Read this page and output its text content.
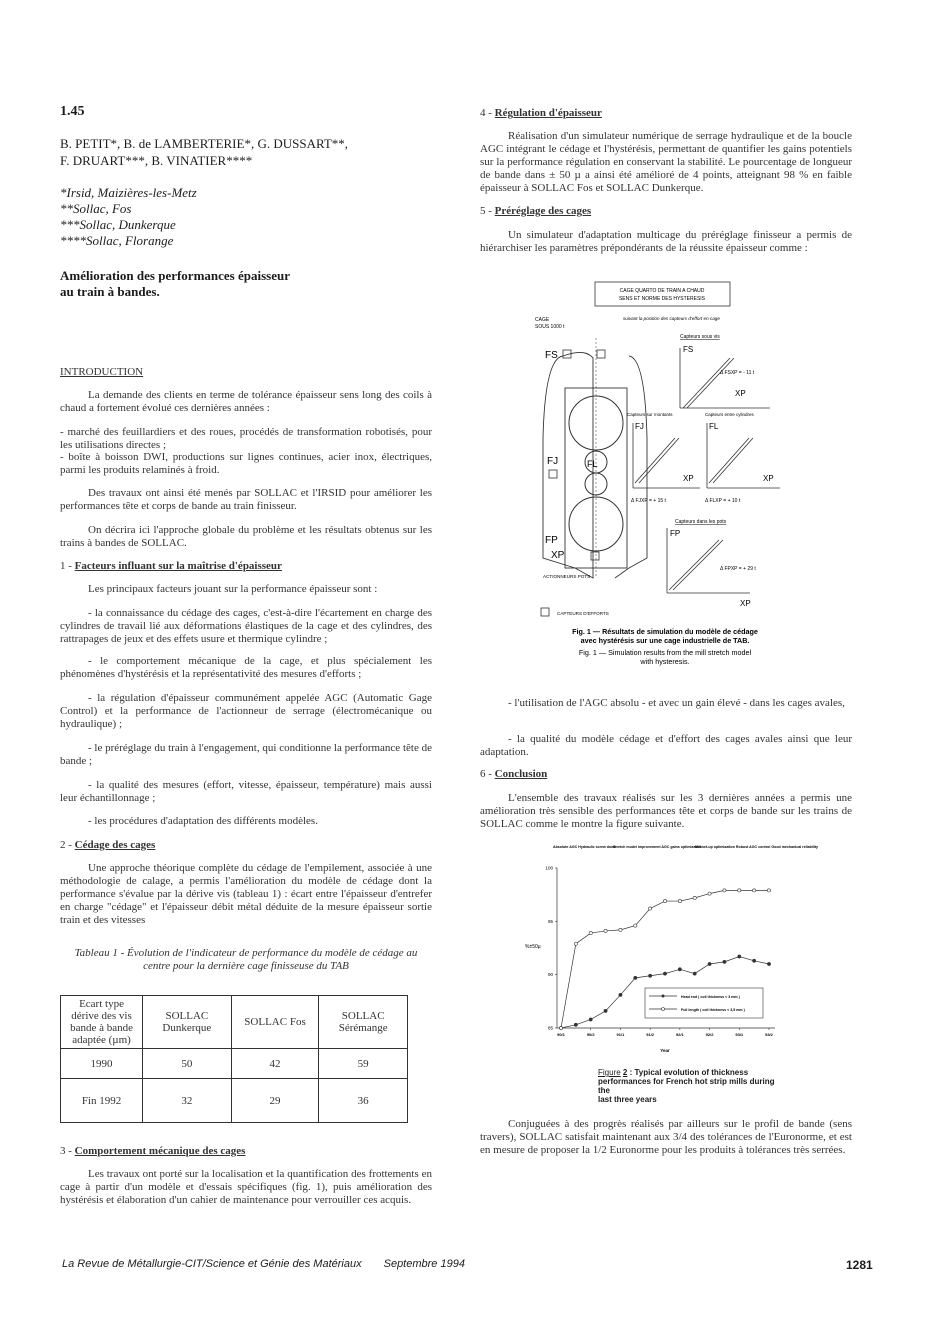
1.45
B. PETIT*, B. de LAMBERTERIE*, G. DUSSART**,
F. DRUART***, B. VINATIER****
*Irsid, Maizières-les-Metz
**Sollac, Fos
***Sollac, Dunkerque
****Sollac, Florange
Amélioration des performances épaisseur
au train à bandes.
INTRODUCTION
La demande des clients en terme de tolérance épaisseur sens long des coils à chaud a fortement évolué ces dernières années :
- marché des feuillardiers et des roues, procédés de transformation robotisés, pour les utilisations directes ;
- boîte à boisson DWI, productions sur lignes continues, acier inox, électriques, parmi les produits relaminés à froid.
Des travaux ont ainsi été menés par SOLLAC et l'IRSID pour améliorer les performances tête et corps de bande au train finisseur.
On décrira ici l'approche globale du problème et les résultats obtenus sur les trains à bandes de SOLLAC.
1 - Facteurs influant sur la maîtrise d'épaisseur
Les principaux facteurs jouant sur la performance épaisseur sont :
- la connaissance du cédage des cages, c'est-à-dire l'écartement en charge des cylindres de travail lié aux déformations élastiques de la cage et des cylindres, des rattrapages de jeux et des effets usure et thermique cylindre ;
- le comportement mécanique de la cage, et plus spécialement les phénomènes d'hystérésis et la représentativité des mesures d'efforts ;
- la régulation d'épaisseur communément appelée AGC (Automatic Gage Control) et la performance de l'actionneur de serrage (électromécanique ou hydraulique) ;
- le préréglage du train à l'engagement, qui conditionne la performance tête de bande ;
- la qualité des mesures (effort, vitesse, épaisseur, température) mais aussi leur échantillonnage ;
- les procédures d'adaptation des différents modèles.
2 - Cédage des cages
Une approche théorique complète du cédage de l'empilement, associée à une méthodologie de calage, a permis l'amélioration du modèle de cédage dont la performance s'évalue par la dérive vis (tableau 1) : écart entre l'épaisseur d'entrefer en charge "cédage" et l'épaisseur débit métal déduite de la mesure épaisseur sortie train et des vitesses
Tableau 1 - Évolution de l'indicateur de performance du modèle de cédage au centre pour la dernière cage finisseuse du TAB
Ecart type dérive des vis bande à bande adaptée (µm)	SOLLAC Dunkerque	SOLLAC Fos	SOLLAC Sérémange
1990	50	42	59
Fin 1992	32	29	36
3 - Comportement mécanique des cages
Les travaux ont porté sur la localisation et la quantification des frottements en cage à partir d'un modèle et d'essais spécifiques (fig. 1), puis amélioration des hystérésis et élaboration d'un cahier de maintenance pour verrouiller ces acquis.
4 - Régulation d'épaisseur
Réalisation d'un simulateur numérique de serrage hydraulique et de la boucle AGC intégrant le cédage et l'hystérésis, permettant de quantifier les gains potentiels sur la performance régulation en conservant la stabilité. Le pourcentage de longueur de bande dans ± 50 µ a ainsi été amélioré de 4 points, atteignant 98 % en faible épaisseur à SOLLAC Fos et SOLLAC Dunkerque.
5 - Préréglage des cages
Un simulateur d'adaptation multicage du préréglage finisseur a permis de hiérarchiser les paramètres prépondérants de la réussite épaisseur comme :
CAGE QUARTO DE TRAIN A CHAUD
SENS ET NORME DES HYSTERESIS
CAGE
SOUS 1000 t
suivant la position des capteurs d'effort en cage
FS
FJ	FL
FP
XP
ACTIONNEURS POTS
Capteurs sous vis
FS
Δ FSXP = - 11 t
XP
Capteurs sur montants
FJ
XP
Δ FJXP = + 15 t
Capteurs entre cylindres
FL
XP
Δ FLXP = + 10 t
Capteurs dans les pots
FP
Δ FPXP = + 29 t
XP
CAPTEURS D'EFFORTS
Fig. 1 — Résultats de simulation du modèle de cédage
avec hystérésis sur une cage industrielle de TAB.
Fig. 1 — Simulation results from the mill stretch model
with hysteresis.
- l'utilisation de l'AGC absolu - et avec un gain élevé - dans les cages avales,
- la qualité du modèle cédage et d'effort des cages avales ainsi que leur adaptation.
6 - Conclusion
L'ensemble des travaux réalisés sur les 3 dernières années a permis une amélioration très sensible des performances tête et corps de bande sur les trains de SOLLAC comme le montre la figure suivante.
Absolute AGC Hydraulic screw down
Stretch model improvement AGC gains optimization
Mill set-up optimization Robust AGC control Good mechanical reliability
%±50µ
Year
85
90
95
100
90/1	90/2	91/1	91/2	92/1	92/2	93/1	93/2
Head end ( coil thickness < 3 mm )
Full length ( coil thickness < 3,5 mm )
Figure 2 : Typical evolution of thickness
performances for French hot strip mills during the
last three years
Conjuguées à des progrès réalisés par ailleurs sur le profil de bande (sens travers), SOLLAC satisfait maintenant aux 3/4 des tolérances de l'Euronorme, et est en mesure de proposer la 1/2 Euronorme pour les produits à tolérances très serrées.
La Revue de Métallurgie-CIT/Science et Génie des Matériaux Septembre 1994	1281
